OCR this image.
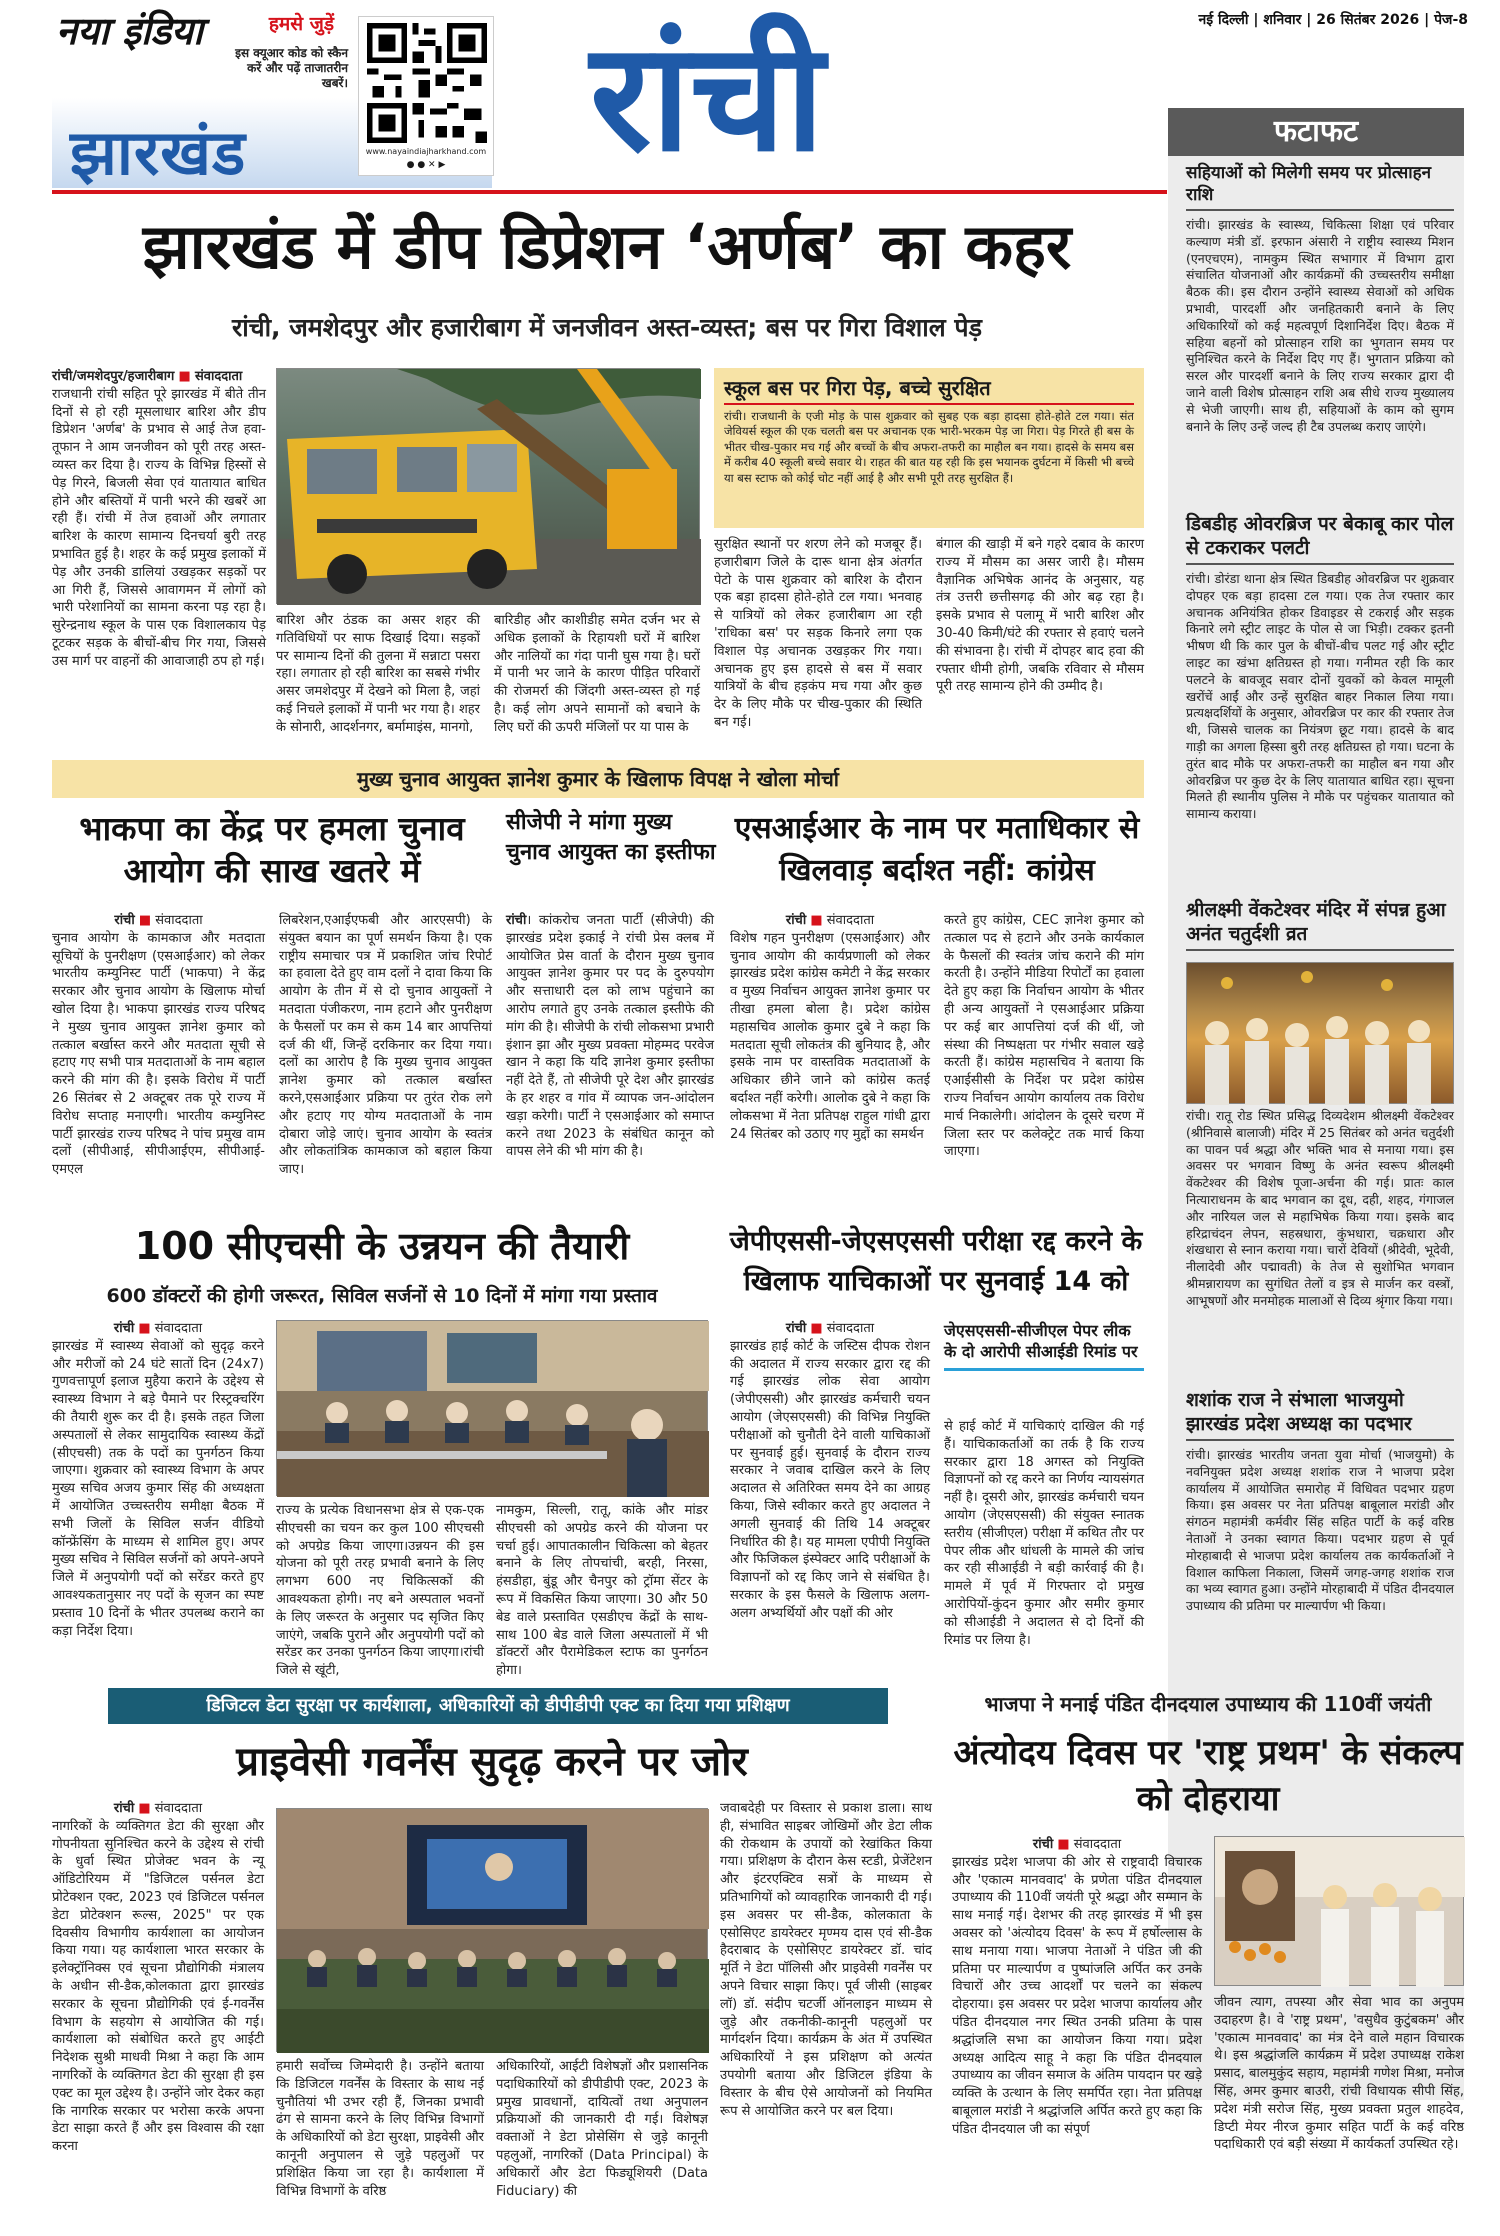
नया इंडिया
झारखंड
हमसे जुड़ें
इस क्यूआर कोड को स्कैन करें और पढ़ें ताजातरीन खबरें।
www.nayaindiajharkhand.com
● ● ✕ ▶ रांची	नई दिल्ली | शनिवार | 26 सितंबर 2026 | पेज-8
फटाफट
सहियाओं को मिलेगी समय पर प्रोत्साहन राशि
रांची। झारखंड के स्वास्थ्य, चिकित्सा शिक्षा एवं परिवार कल्याण मंत्री डॉ. इरफान अंसारी ने राष्ट्रीय स्वास्थ्य मिशन (एनएचएम), नामकुम स्थित सभागार में विभाग द्वारा संचालित योजनाओं और कार्यक्रमों की उच्चस्तरीय समीक्षा बैठक की। इस दौरान उन्होंने स्वास्थ्य सेवाओं को अधिक प्रभावी, पारदर्शी और जनहितकारी बनाने के लिए अधिकारियों को कई महत्वपूर्ण दिशानिर्देश दिए। बैठक में सहिया बहनों को प्रोत्साहन राशि का भुगतान समय पर सुनिश्चित करने के निर्देश दिए गए हैं। भुगतान प्रक्रिया को सरल और पारदर्शी बनाने के लिए राज्य सरकार द्वारा दी जाने वाली विशेष प्रोत्साहन राशि अब सीधे राज्य मुख्यालय से भेजी जाएगी। साथ ही, सहियाओं के काम को सुगम बनाने के लिए उन्हें जल्द ही टैब उपलब्ध कराए जाएंगे।
डिबडीह ओवरब्रिज पर बेकाबू कार पोल से टकराकर पलटी
रांची। डोरंडा थाना क्षेत्र स्थित डिबडीह ओवरब्रिज पर शुक्रवार दोपहर एक बड़ा हादसा टल गया। एक तेज रफ्तार कार अचानक अनियंत्रित होकर डिवाइडर से टकराई और सड़क किनारे लगे स्ट्रीट लाइट के पोल से जा भिड़ी। टक्कर इतनी भीषण थी कि कार पुल के बीचों-बीच पलट गई और स्ट्रीट लाइट का खंभा क्षतिग्रस्त हो गया। गनीमत रही कि कार पलटने के बावजूद सवार दोनों युवकों को केवल मामूली खरोंचें आईं और उन्हें सुरक्षित बाहर निकाल लिया गया। प्रत्यक्षदर्शियों के अनुसार, ओवरब्रिज पर कार की रफ्तार तेज थी, जिससे चालक का नियंत्रण छूट गया। हादसे के बाद गाड़ी का अगला हिस्सा बुरी तरह क्षतिग्रस्त हो गया। घटना के तुरंत बाद मौके पर अफरा-तफरी का माहौल बन गया और ओवरब्रिज पर कुछ देर के लिए यातायात बाधित रहा। सूचना मिलते ही स्थानीय पुलिस ने मौके पर पहुंचकर यातायात को सामान्य कराया।
श्रीलक्ष्मी वेंकटेश्वर मंदिर में संपन्न हुआ अनंत चतुर्दशी व्रत
रांची। रातू रोड स्थित प्रसिद्ध दिव्यदेशम श्रीलक्ष्मी वेंकटेश्वर (श्रीनिवासे बालाजी) मंदिर में 25 सितंबर को अनंत चतुर्दशी का पावन पर्व श्रद्धा और भक्ति भाव से मनाया गया। इस अवसर पर भगवान विष्णु के अनंत स्वरूप श्रीलक्ष्मी वेंकटेश्वर की विशेष पूजा-अर्चना की गई। प्रातः काल नित्याराधनम के बाद भगवान का दूध, दही, शहद, गंगाजल और नारियल जल से महाभिषेक किया गया। इसके बाद हरिद्राचंदन लेपन, सहस्रधारा, कुंभधारा, चक्रधारा और शंखधारा से स्नान कराया गया। चारों देवियों (श्रीदेवी, भूदेवी, नीलादेवी और पद्मावती) के तेज से सुशोभित भगवान श्रीमन्नारायण का सुगंधित तेलों व इत्र से मार्जन कर वस्त्रों, आभूषणों और मनमोहक मालाओं से दिव्य श्रृंगार किया गया।
शशांक राज ने संभाला भाजयुमो झारखंड प्रदेश अध्यक्ष का पदभार
रांची। झारखंड भारतीय जनता युवा मोर्चा (भाजयुमो) के नवनियुक्त प्रदेश अध्यक्ष शशांक राज ने भाजपा प्रदेश कार्यालय में आयोजित समारोह में विधिवत पदभार ग्रहण किया। इस अवसर पर नेता प्रतिपक्ष बाबूलाल मरांडी और संगठन महामंत्री कर्मवीर सिंह सहित पार्टी के कई वरिष्ठ नेताओं ने उनका स्वागत किया। पदभार ग्रहण से पूर्व मोरहाबादी से भाजपा प्रदेश कार्यालय तक कार्यकर्ताओं ने विशाल काफिला निकाला, जिसमें जगह-जगह शशांक राज का भव्य स्वागत हुआ। उन्होंने मोरहाबादी में पंडित दीनदयाल उपाध्याय की प्रतिमा पर माल्यार्पण भी किया।
झारखंड में डीप डिप्रेशन ‘अर्णब’ का कहर
रांची, जमशेदपुर और हजारीबाग में जनजीवन अस्त-व्यस्त; बस पर गिरा विशाल पेड़
रांची/जमशेदपुर/हजारीबाग ■ संवाददाता
राजधानी रांची सहित पूरे झारखंड में बीते तीन दिनों से हो रही मूसलाधार बारिश और डीप डिप्रेशन 'अर्णब' के प्रभाव से आई तेज हवा-तूफान ने आम जनजीवन को पूरी तरह अस्त-व्यस्त कर दिया है। राज्य के विभिन्न हिस्सों से पेड़ गिरने, बिजली सेवा एवं यातायात बाधित होने और बस्तियों में पानी भरने की खबरें आ रही हैं। रांची में तेज हवाओं और लगातार बारिश के कारण सामान्य दिनचर्या बुरी तरह प्रभावित हुई है। शहर के कई प्रमुख इलाकों में पेड़ और उनकी डालियां उखड़कर सड़कों पर आ गिरी हैं, जिससे आवागमन में लोगों को भारी परेशानियों का सामना करना पड़ रहा है। सुरेन्द्रनाथ स्कूल के पास एक विशालकाय पेड़ टूटकर सड़क के बीचों-बीच गिर गया, जिससे उस मार्ग पर वाहनों की आवाजाही ठप हो गई।
बारिश और ठंडक का असर शहर की गतिविधियों पर साफ दिखाई दिया। सड़कों पर सामान्य दिनों की तुलना में सन्नाटा पसरा रहा। लगातार हो रही बारिश का सबसे गंभीर असर जमशेदपुर में देखने को मिला है, जहां कई निचले इलाकों में पानी भर गया है। शहर के सोनारी, आदर्शनगर, बर्मामाइंस, मानगो,
बारिडीह और काशीडीह समेत दर्जन भर से अधिक इलाकों के रिहायशी घरों में बारिश और नालियों का गंदा पानी घुस गया है। घरों में पानी भर जाने के कारण पीड़ित परिवारों की रोजमर्रा की जिंदगी अस्त-व्यस्त हो गई है। कई लोग अपने सामानों को बचाने के लिए घरों की ऊपरी मंजिलों पर या पास के
स्कूल बस पर गिरा पेड़, बच्चे सुरक्षित
रांची। राजधानी के एजी मोड़ के पास शुक्रवार को सुबह एक बड़ा हादसा होते-होते टल गया। संत जेवियर्स स्कूल की एक चलती बस पर अचानक एक भारी-भरकम पेड़ जा गिरा। पेड़ गिरते ही बस के भीतर चीख-पुकार मच गई और बच्चों के बीच अफरा-तफरी का माहौल बन गया। हादसे के समय बस में करीब 40 स्कूली बच्चे सवार थे। राहत की बात यह रही कि इस भयानक दुर्घटना में किसी भी बच्चे या बस स्टाफ को कोई चोट नहीं आई है और सभी पूरी तरह सुरक्षित हैं।
सुरक्षित स्थानों पर शरण लेने को मजबूर हैं। हजारीबाग जिले के दारू थाना क्षेत्र अंतर्गत पेटो के पास शुक्रवार को बारिश के दौरान एक बड़ा हादसा होते-होते टल गया। भनवाह से यात्रियों को लेकर हजारीबाग आ रही 'राधिका बस' पर सड़क किनारे लगा एक विशाल पेड़ अचानक उखड़कर गिर गया। अचानक हुए इस हादसे से बस में सवार यात्रियों के बीच हड़कंप मच गया और कुछ देर के लिए मौके पर चीख-पुकार की स्थिति बन गई।
बंगाल की खाड़ी में बने गहरे दबाव के कारण राज्य में मौसम का असर जारी है। मौसम वैज्ञानिक अभिषेक आनंद के अनुसार, यह तंत्र उत्तरी छत्तीसगढ़ की ओर बढ़ रहा है। इसके प्रभाव से पलामू में भारी बारिश और 30-40 किमी/घंटे की रफ्तार से हवाएं चलने की संभावना है। रांची में दोपहर बाद हवा की रफ्तार धीमी होगी, जबकि रविवार से मौसम पूरी तरह सामान्य होने की उम्मीद है।
मुख्य चुनाव आयुक्त ज्ञानेश कुमार के खिलाफ विपक्ष ने खोला मोर्चा
भाकपा का केंद्र पर हमला चुनाव आयोग की साख खतरे में
रांची ■ संवाददाता
चुनाव आयोग के कामकाज और मतदाता सूचियों के पुनरीक्षण (एसआईआर) को लेकर भारतीय कम्युनिस्ट पार्टी (भाकपा) ने केंद्र सरकार और चुनाव आयोग के खिलाफ मोर्चा खोल दिया है। भाकपा झारखंड राज्य परिषद ने मुख्य चुनाव आयुक्त ज्ञानेश कुमार को तत्काल बर्खास्त करने और मतदाता सूची से हटाए गए सभी पात्र मतदाताओं के नाम बहाल करने की मांग की है। इसके विरोध में पार्टी 26 सितंबर से 2 अक्टूबर तक पूरे राज्य में विरोध सप्ताह मनाएगी। भारतीय कम्युनिस्ट पार्टी झारखंड राज्य परिषद ने पांच प्रमुख वाम दलों (सीपीआई, सीपीआईएम, सीपीआई-एमएल
लिबरेशन,एआईएफबी और आरएसपी) के संयुक्त बयान का पूर्ण समर्थन किया है। एक राष्ट्रीय समाचार पत्र में प्रकाशित जांच रिपोर्ट का हवाला देते हुए वाम दलों ने दावा किया कि आयोग के तीन में से दो चुनाव आयुक्तों ने मतदाता पंजीकरण, नाम हटाने और पुनरीक्षण के फैसलों पर कम से कम 14 बार आपत्तियां दर्ज की थीं, जिन्हें दरकिनार कर दिया गया। दलों का आरोप है कि मुख्य चुनाव आयुक्त ज्ञानेश कुमार को तत्काल बर्खास्त करने,एसआईआर प्रक्रिया पर तुरंत रोक लगे और हटाए गए योग्य मतदाताओं के नाम दोबारा जोड़े जाएं। चुनाव आयोग के स्वतंत्र और लोकतांत्रिक कामकाज को बहाल किया जाए।
सीजेपी ने मांगा मुख्य चुनाव आयुक्त का इस्तीफा
रांची। कांकरोच जनता पार्टी (सीजेपी) की झारखंड प्रदेश इकाई ने रांची प्रेस क्लब में आयोजित प्रेस वार्ता के दौरान मुख्य चुनाव आयुक्त ज्ञानेश कुमार पर पद के दुरुपयोग और सत्ताधारी दल को लाभ पहुंचाने का आरोप लगाते हुए उनके तत्काल इस्तीफे की मांग की है। सीजेपी के रांची लोकसभा प्रभारी इंशान झा और मुख्य प्रवक्ता मोहम्मद परवेज खान ने कहा कि यदि ज्ञानेश कुमार इस्तीफा नहीं देते हैं, तो सीजेपी पूरे देश और झारखंड के हर शहर व गांव में व्यापक जन-आंदोलन खड़ा करेगी। पार्टी ने एसआईआर को समाप्त करने तथा 2023 के संबंधित कानून को वापस लेने की भी मांग की है।
एसआईआर के नाम पर मताधिकार से खिलवाड़ बर्दाश्त नहीं: कांग्रेस
रांची ■ संवाददाता
विशेष गहन पुनरीक्षण (एसआईआर) और चुनाव आयोग की कार्यप्रणाली को लेकर झारखंड प्रदेश कांग्रेस कमेटी ने केंद्र सरकार व मुख्य निर्वाचन आयुक्त ज्ञानेश कुमार पर तीखा हमला बोला है। प्रदेश कांग्रेस महासचिव आलोक कुमार दुबे ने कहा कि मतदाता सूची लोकतंत्र की बुनियाद है, और इसके नाम पर वास्तविक मतदाताओं के अधिकार छीने जाने को कांग्रेस कतई बर्दाश्त नहीं करेगी। आलोक दुबे ने कहा कि लोकसभा में नेता प्रतिपक्ष राहुल गांधी द्वारा 24 सितंबर को उठाए गए मुद्दों का समर्थन
करते हुए कांग्रेस, CEC ज्ञानेश कुमार को तत्काल पद से हटाने और उनके कार्यकाल के फैसलों की स्वतंत्र जांच कराने की मांग करती है। उन्होंने मीडिया रिपोर्टों का हवाला देते हुए कहा कि निर्वाचन आयोग के भीतर ही अन्य आयुक्तों ने एसआईआर प्रक्रिया पर कई बार आपत्तियां दर्ज की थीं, जो संस्था की निष्पक्षता पर गंभीर सवाल खड़े करती हैं। कांग्रेस महासचिव ने बताया कि एआईसीसी के निर्देश पर प्रदेश कांग्रेस राज्य निर्वाचन आयोग कार्यालय तक विरोध मार्च निकालेगी। आंदोलन के दूसरे चरण में जिला स्तर पर कलेक्ट्रेट तक मार्च किया जाएगा।
100 सीएचसी के उन्नयन की तैयारी
600 डॉक्टरों की होगी जरूरत, सिविल सर्जनों से 10 दिनों में मांगा गया प्रस्ताव
रांची ■ संवाददाता
झारखंड में स्वास्थ्य सेवाओं को सुदृढ़ करने और मरीजों को 24 घंटे सातों दिन (24x7) गुणवत्तापूर्ण इलाज मुहैया कराने के उद्देश्य से स्वास्थ्य विभाग ने बड़े पैमाने पर रिस्ट्रक्चरिंग की तैयारी शुरू कर दी है। इसके तहत जिला अस्पतालों से लेकर सामुदायिक स्वास्थ्य केंद्रों (सीएचसी) तक के पदों का पुनर्गठन किया जाएगा। शुक्रवार को स्वास्थ्य विभाग के अपर मुख्य सचिव अजय कुमार सिंह की अध्यक्षता में आयोजित उच्चस्तरीय समीक्षा बैठक में सभी जिलों के सिविल सर्जन वीडियो कॉन्फ्रेंसिंग के माध्यम से शामिल हुए। अपर मुख्य सचिव ने सिविल सर्जनों को अपने-अपने जिले में अनुपयोगी पदों को सरेंडर करते हुए आवश्यकतानुसार नए पदों के सृजन का स्पष्ट प्रस्ताव 10 दिनों के भीतर उपलब्ध कराने का कड़ा निर्देश दिया।
राज्य के प्रत्येक विधानसभा क्षेत्र से एक-एक सीएचसी का चयन कर कुल 100 सीएचसी को अपग्रेड किया जाएगा।उन्नयन की इस योजना को पूरी तरह प्रभावी बनाने के लिए लगभग 600 नए चिकित्सकों की आवश्यकता होगी। नए बने अस्पताल भवनों के लिए जरूरत के अनुसार पद सृजित किए जाएंगे, जबकि पुराने और अनुपयोगी पदों को सरेंडर कर उनका पुनर्गठन किया जाएगा।रांची जिले से खूंटी,
नामकुम, सिल्ली, रातू, कांके और मांडर सीएचसी को अपग्रेड करने की योजना पर चर्चा हुई। आपातकालीन चिकित्सा को बेहतर बनाने के लिए तोपचांची, बरही, निरसा, हंसडीहा, बुंडू और चैनपुर को ट्रॉमा सेंटर के रूप में विकसित किया जाएगा। 30 और 50 बेड वाले प्रस्तावित एसडीएच केंद्रों के साथ-साथ 100 बेड वाले जिला अस्पतालों में भी डॉक्टरों और पैरामेडिकल स्टाफ का पुनर्गठन होगा।
जेपीएससी-जेएसएससी परीक्षा रद्द करने के खिलाफ याचिकाओं पर सुनवाई 14 को
रांची ■ संवाददाता
झारखंड हाई कोर्ट के जस्टिस दीपक रोशन की अदालत में राज्य सरकार द्वारा रद्द की गई झारखंड लोक सेवा आयोग (जेपीएससी) और झारखंड कर्मचारी चयन आयोग (जेएसएससी) की विभिन्न नियुक्ति परीक्षाओं को चुनौती देने वाली याचिकाओं पर सुनवाई हुई। सुनवाई के दौरान राज्य सरकार ने जवाब दाखिल करने के लिए अदालत से अतिरिक्त समय देने का आग्रह किया, जिसे स्वीकार करते हुए अदालत ने अगली सुनवाई की तिथि 14 अक्टूबर निर्धारित की है। यह मामला एपीपी नियुक्ति और फिजिकल इंस्पेक्टर आदि परीक्षाओं के विज्ञापनों को रद्द किए जाने से संबंधित है। सरकार के इस फैसले के खिलाफ अलग-अलग अभ्यर्थियों और पक्षों की ओर
जेएसएससी-सीजीएल पेपर लीक के दो आरोपी सीआईडी रिमांड पर
से हाई कोर्ट में याचिकाएं दाखिल की गई हैं। याचिकाकर्ताओं का तर्क है कि राज्य सरकार द्वारा 18 अगस्त को नियुक्ति विज्ञापनों को रद्द करने का निर्णय न्यायसंगत नहीं है। दूसरी ओर, झारखंड कर्मचारी चयन आयोग (जेएसएससी) की संयुक्त स्नातक स्तरीय (सीजीएल) परीक्षा में कथित तौर पर पेपर लीक और धांधली के मामले की जांच कर रही सीआईडी ने बड़ी कार्रवाई की है। मामले में पूर्व में गिरफ्तार दो प्रमुख आरोपियों-कुंदन कुमार और समीर कुमार को सीआईडी ने अदालत से दो दिनों की रिमांड पर लिया है।
डिजिटल डेटा सुरक्षा पर कार्यशाला, अधिकारियों को डीपीडीपी एक्ट का दिया गया प्रशिक्षण
प्राइवेसी गवर्नेंस सुदृढ़ करने पर जोर
रांची ■ संवाददाता
नागरिकों के व्यक्तिगत डेटा की सुरक्षा और गोपनीयता सुनिश्चित करने के उद्देश्य से रांची के धुर्वा स्थित प्रोजेक्ट भवन के न्यू ऑडिटोरियम में "डिजिटल पर्सनल डेटा प्रोटेक्शन एक्ट, 2023 एवं डिजिटल पर्सनल डेटा प्रोटेक्शन रूल्स, 2025" पर एक दिवसीय विभागीय कार्यशाला का आयोजन किया गया। यह कार्यशाला भारत सरकार के इलेक्ट्रॉनिक्स एवं सूचना प्रौद्योगिकी मंत्रालय के अधीन सी-डैक,कोलकाता द्वारा झारखंड सरकार के सूचना प्रौद्योगिकी एवं ई-गवर्नेंस विभाग के सहयोग से आयोजित की गई। कार्यशाला को संबोधित करते हुए आईटी निदेशक सुश्री माधवी मिश्रा ने कहा कि आम नागरिकों के व्यक्तिगत डेटा की सुरक्षा ही इस एक्ट का मूल उद्देश्य है। उन्होंने जोर देकर कहा कि नागरिक सरकार पर भरोसा करके अपना डेटा साझा करते हैं और इस विश्वास की रक्षा करना
हमारी सर्वोच्च जिम्मेदारी है। उन्होंने बताया कि डिजिटल गवर्नेंस के विस्तार के साथ नई चुनौतियां भी उभर रही हैं, जिनका प्रभावी ढंग से सामना करने के लिए विभिन्न विभागों के अधिकारियों को डेटा सुरक्षा, प्राइवेसी और कानूनी अनुपालन से जुड़े पहलुओं पर प्रशिक्षित किया जा रहा है। कार्यशाला में विभिन्न विभागों के वरिष्ठ
अधिकारियों, आईटी विशेषज्ञों और प्रशासनिक पदाधिकारियों को डीपीडीपी एक्ट, 2023 के प्रमुख प्रावधानों, दायित्वों तथा अनुपालन प्रक्रियाओं की जानकारी दी गई। विशेषज्ञ वक्ताओं ने डेटा प्रोसेसिंग से जुड़े कानूनी पहलुओं, नागरिकों (Data Principal) के अधिकारों और डेटा फिड्यूशियरी (Data Fiduciary) की
जवाबदेही पर विस्तार से प्रकाश डाला। साथ ही, संभावित साइबर जोखिमों और डेटा लीक की रोकथाम के उपायों को रेखांकित किया गया। प्रशिक्षण के दौरान केस स्टडी, प्रेजेंटेशन और इंटरएक्टिव सत्रों के माध्यम से प्रतिभागियों को व्यावहारिक जानकारी दी गई। इस अवसर पर सी-डैक, कोलकाता के एसोसिएट डायरेक्टर मृण्मय दास एवं सी-डैक हैदराबाद के एसोसिएट डायरेक्टर डॉ. चांद मूर्ति ने डेटा पॉलिसी और प्राइवेसी गवर्नेंस पर अपने विचार साझा किए। पूर्व जीसी (साइबर लॉ) डॉ. संदीप चटर्जी ऑनलाइन माध्यम से जुड़े और तकनीकी-कानूनी पहलुओं पर मार्गदर्शन दिया। कार्यक्रम के अंत में उपस्थित अधिकारियों ने इस प्रशिक्षण को अत्यंत उपयोगी बताया और डिजिटल इंडिया के विस्तार के बीच ऐसे आयोजनों को नियमित रूप से आयोजित करने पर बल दिया।
भाजपा ने मनाई पंडित दीनदयाल उपाध्याय की 110वीं जयंती
अंत्योदय दिवस पर 'राष्ट्र प्रथम' के संकल्प को दोहराया
रांची ■ संवाददाता
झारखंड प्रदेश भाजपा की ओर से राष्ट्रवादी विचारक और 'एकात्म मानववाद' के प्रणेता पंडित दीनदयाल उपाध्याय की 110वीं जयंती पूरे श्रद्धा और सम्मान के साथ मनाई गई। देशभर की तरह झारखंड में भी इस अवसर को 'अंत्योदय दिवस' के रूप में हर्षोल्लास के साथ मनाया गया। भाजपा नेताओं ने पंडित जी की प्रतिमा पर माल्यार्पण व पुष्पांजलि अर्पित कर उनके विचारों और उच्च आदर्शों पर चलने का संकल्प दोहराया। इस अवसर पर प्रदेश भाजपा कार्यालय और पंडित दीनदयाल नगर स्थित उनकी प्रतिमा के पास श्रद्धांजलि सभा का आयोजन किया गया। प्रदेश अध्यक्ष आदित्य साहू ने कहा कि पंडित दीनदयाल उपाध्याय का जीवन समाज के अंतिम पायदान पर खड़े व्यक्ति के उत्थान के लिए समर्पित रहा। नेता प्रतिपक्ष बाबूलाल मरांडी ने श्रद्धांजलि अर्पित करते हुए कहा कि पंडित दीनदयाल जी का संपूर्ण
जीवन त्याग, तपस्या और सेवा भाव का अनुपम उदाहरण है। वे 'राष्ट्र प्रथम', 'वसुधैव कुटुंबकम' और 'एकात्म मानववाद' का मंत्र देने वाले महान विचारक थे। इस श्रद्धांजलि कार्यक्रम में प्रदेश उपाध्यक्ष राकेश प्रसाद, बालमुकुंद सहाय, महामंत्री गणेश मिश्रा, मनोज सिंह, अमर कुमार बाउरी, रांची विधायक सीपी सिंह, प्रदेश मंत्री सरोज सिंह, मुख्य प्रवक्ता प्रतुल शाहदेव, डिप्टी मेयर नीरज कुमार सहित पार्टी के कई वरिष्ठ पदाधिकारी एवं बड़ी संख्या में कार्यकर्ता उपस्थित रहे।
